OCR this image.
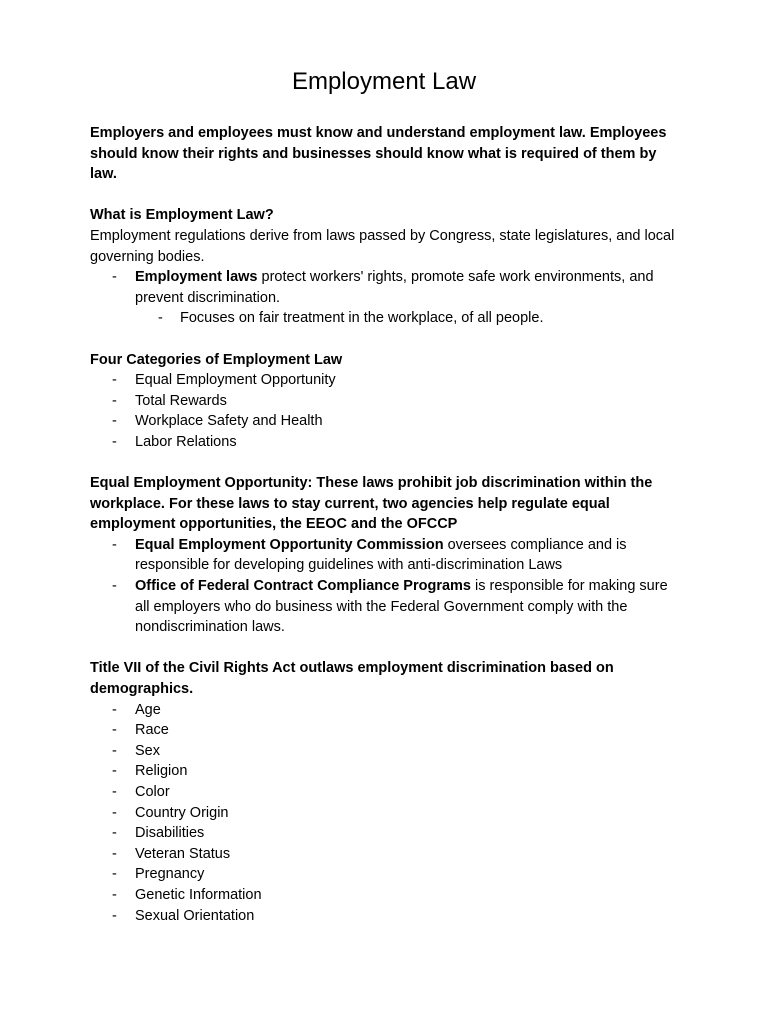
Employment Law

Employers and employees must know and understand employment law. Employees should know their rights and businesses should know what is required of them by law.

What is Employment Law?
Employment regulations derive from laws passed by Congress, state legislatures, and local governing bodies.
- Employment laws protect workers' rights, promote safe work environments, and prevent discrimination.
- Focuses on fair treatment in the workplace, of all people.
Four Categories of Employment Law
- Equal Employment Opportunity
- Total Rewards
- Workplace Safety and Health
- Labor Relations
Equal Employment Opportunity: These laws prohibit job discrimination within the workplace. For these laws to stay current, two agencies help regulate equal employment opportunities, the EEOC and the OFCCP
- Equal Employment Opportunity Commission oversees compliance and is responsible for developing guidelines with anti-discrimination Laws
- Office of Federal Contract Compliance Programs is responsible for making sure all employers who do business with the Federal Government comply with the nondiscrimination laws.
Title VII of the Civil Rights Act outlaws employment discrimination based on demographics.
- Age
- Race
- Sex
- Religion
- Color
- Country Origin
- Disabilities
- Veteran Status
- Pregnancy
- Genetic Information
- Sexual Orientation
